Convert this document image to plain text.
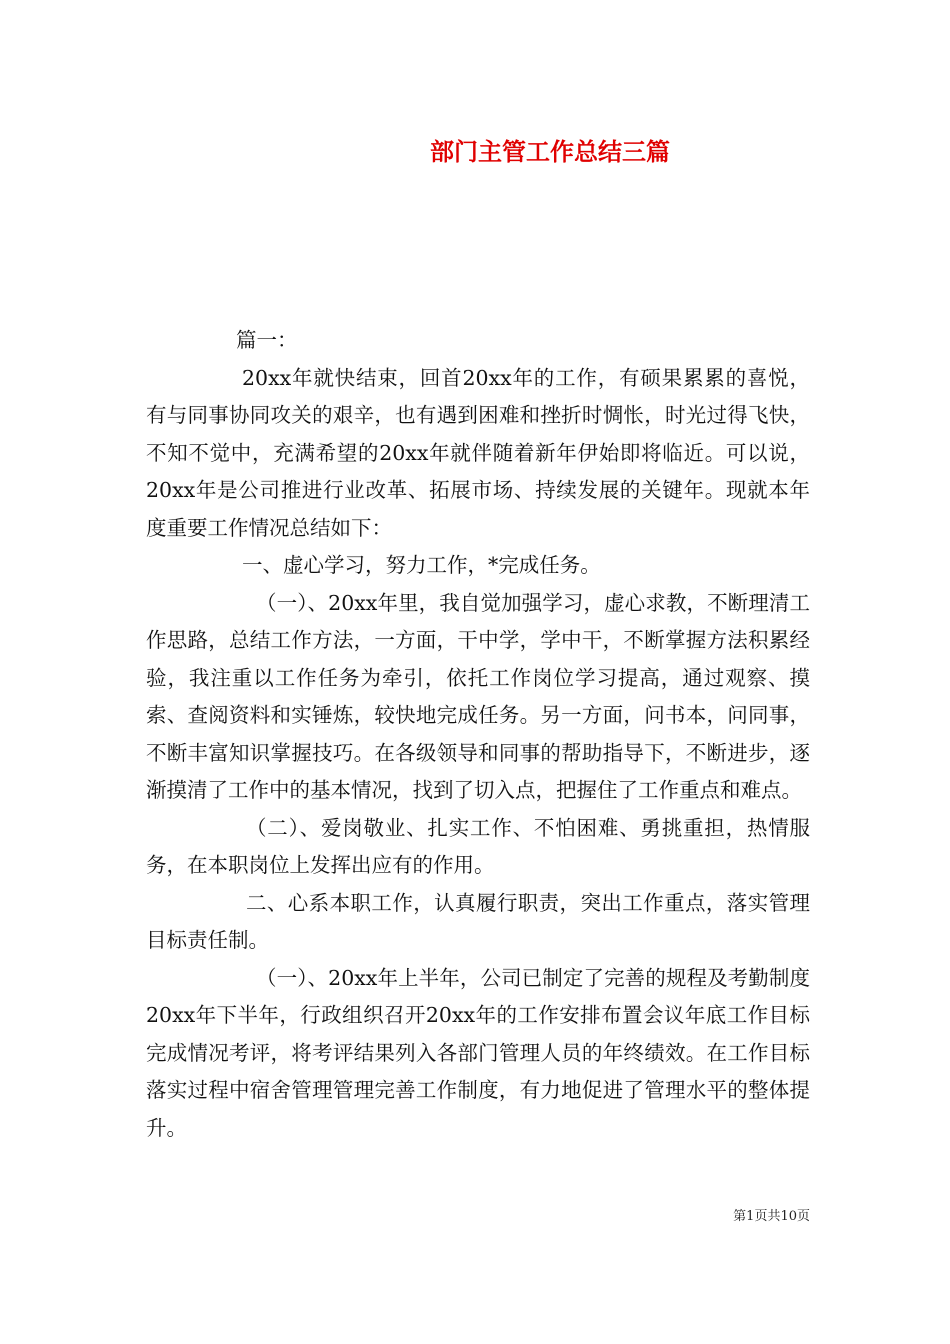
部门主管工作总结三篇

篇一：

20xx年就快结束，回首20xx年的工作，有硕果累累的喜悦，有与同事协同攻关的艰辛，也有遇到困难和挫折时惆怅，时光过得飞快，不知不觉中，充满希望的20xx年就伴随着新年伊始即将临近。可以说，20xx年是公司推进行业改革、拓展市场、持续发展的关键年。现就本年度重要工作情况总结如下：

一、虚心学习，努力工作，*完成任务。

（一）、20xx年里，我自觉加强学习，虚心求教，不断理清工作思路，总结工作方法，一方面，干中学，学中干，不断掌握方法积累经验，我注重以工作任务为牵引，依托工作岗位学习提高，通过观察、摸索、查阅资料和实锤炼，较快地完成任务。另一方面，问书本，问同事，不断丰富知识掌握技巧。在各级领导和同事的帮助指导下，不断进步，逐渐摸清了工作中的基本情况，找到了切入点，把握住了工作重点和难点。

（二）、爱岗敬业、扎实工作、不怕困难、勇挑重担，热情服务，在本职岗位上发挥出应有的作用。

二、心系本职工作，认真履行职责，突出工作重点，落实管理目标责任制。

（一）、20xx年上半年，公司已制定了完善的规程及考勤制度20xx年下半年，行政组织召开20xx年的工作安排布置会议年底工作目标完成情况考评，将考评结果列入各部门管理人员的年终绩效。在工作目标落实过程中宿舍管理管理完善工作制度，有力地促进了管理水平的整体提升。

第1页共10页
